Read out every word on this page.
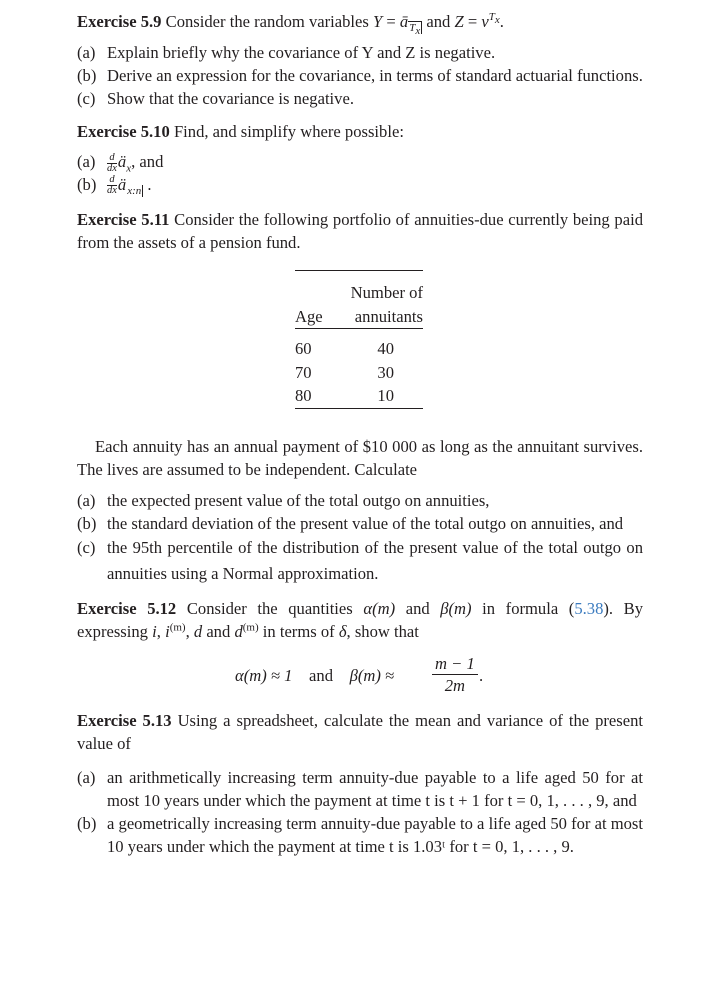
Exercise 5.9 Consider the random variables $Y = ā_{T_x}$ and $Z = v^{T_x}$.

(a) Explain briefly why the covariance of Y and Z is negative.
(b) Derive an expression for the covariance, in terms of standard actuarial functions.
(c) Show that the covariance is negative.

Exercise 5.10 Find, and simplify where possible:

$(a) \frac{d}{dx}$ $ä_x$, and
$(b) \frac{d}{dx}$ $ä_{x:n}$ .

Exercise 5.11 Consider the following portfolio of annuities-due currently being paid from the assets of a pension fund.

	Number of
Age	annuitants

60	40
70	30
80	10

Each annuity has an annual payment of $10 000 as long as the annuitant survives. The lives are assumed to be independent. Calculate

(a) the expected present value of the total outgo on annuities,
(b) the standard deviation of the present value of the total outgo on annuities, and
(c) the 95th percentile of the distribution of the present value of the total outgo on annuities using a Normal approximation.

Exercise 5.12 Consider the quantities α(m) and β(m) in formula (5.38). By expressing i, $i^{(m)}$, d and $d^{(m)}$ in terms of δ, show that

α(m) ≈ 1 and $\beta(m) \approx \frac{m - 1}{2m}$ .

Exercise 5.13 Using a spreadsheet, calculate the mean and variance of the present value of

(a) an arithmetically increasing term annuity-due payable to a life aged 50 for at most 10 years under which the payment at time t is t + 1 for t = 0, 1, . . . , 9, and
(b) a geometrically increasing term annuity-due payable to a life aged 50 for at most 10 years under which the payment at time t is 1.03ᵗ for t = 0, 1, . . . , 9.
